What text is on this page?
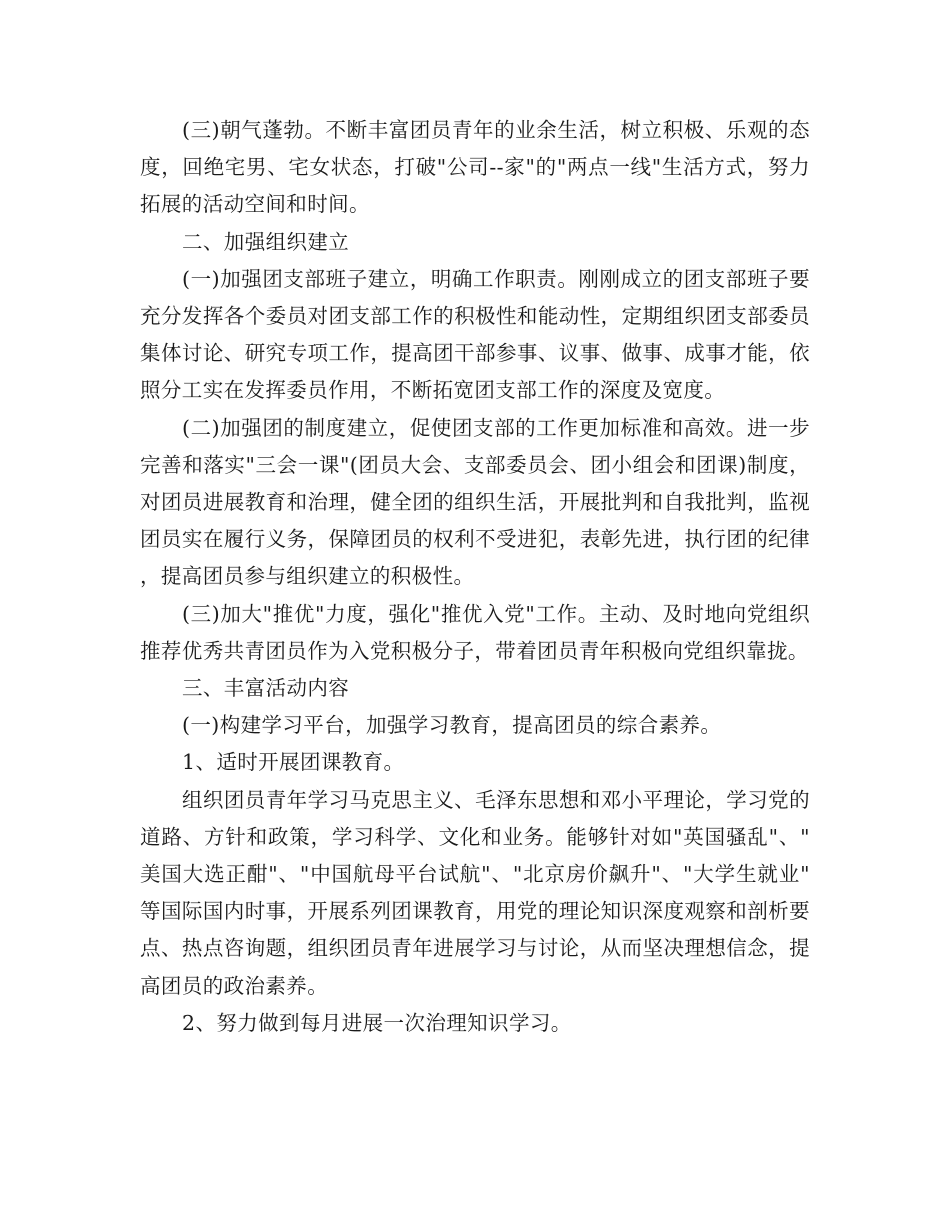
(三)朝气蓬勃。不断丰富团员青年的业余生活，树立积极、乐观的态度，回绝宅男、宅女状态，打破"公司--家"的"两点一线"生活方式，努力拓展的活动空间和时间。

二、加强组织建立

(一)加强团支部班子建立，明确工作职责。刚刚成立的团支部班子要充分发挥各个委员对团支部工作的积极性和能动性，定期组织团支部委员集体讨论、研究专项工作，提高团干部参事、议事、做事、成事才能，依照分工实在发挥委员作用，不断拓宽团支部工作的深度及宽度。

(二)加强团的制度建立，促使团支部的工作更加标准和高效。进一步完善和落实"三会一课"(团员大会、支部委员会、团小组会和团课)制度，对团员进展教育和治理，健全团的组织生活，开展批判和自我批判，监视团员实在履行义务，保障团员的权利不受进犯，表彰先进，执行团的纪律，提高团员参与组织建立的积极性。

(三)加大"推优"力度，强化"推优入党"工作。主动、及时地向党组织推荐优秀共青团员作为入党积极分子，带着团员青年积极向党组织靠拢。

三、丰富活动内容

(一)构建学习平台，加强学习教育，提高团员的综合素养。

1、适时开展团课教育。

组织团员青年学习马克思主义、毛泽东思想和邓小平理论，学习党的道路、方针和政策，学习科学、文化和业务。能够针对如"英国骚乱"、"美国大选正酣"、"中国航母平台试航"、"北京房价飙升"、"大学生就业"等国际国内时事，开展系列团课教育，用党的理论知识深度观察和剖析要点、热点咨询题，组织团员青年进展学习与讨论，从而坚决理想信念，提高团员的政治素养。

2、努力做到每月进展一次治理知识学习。
